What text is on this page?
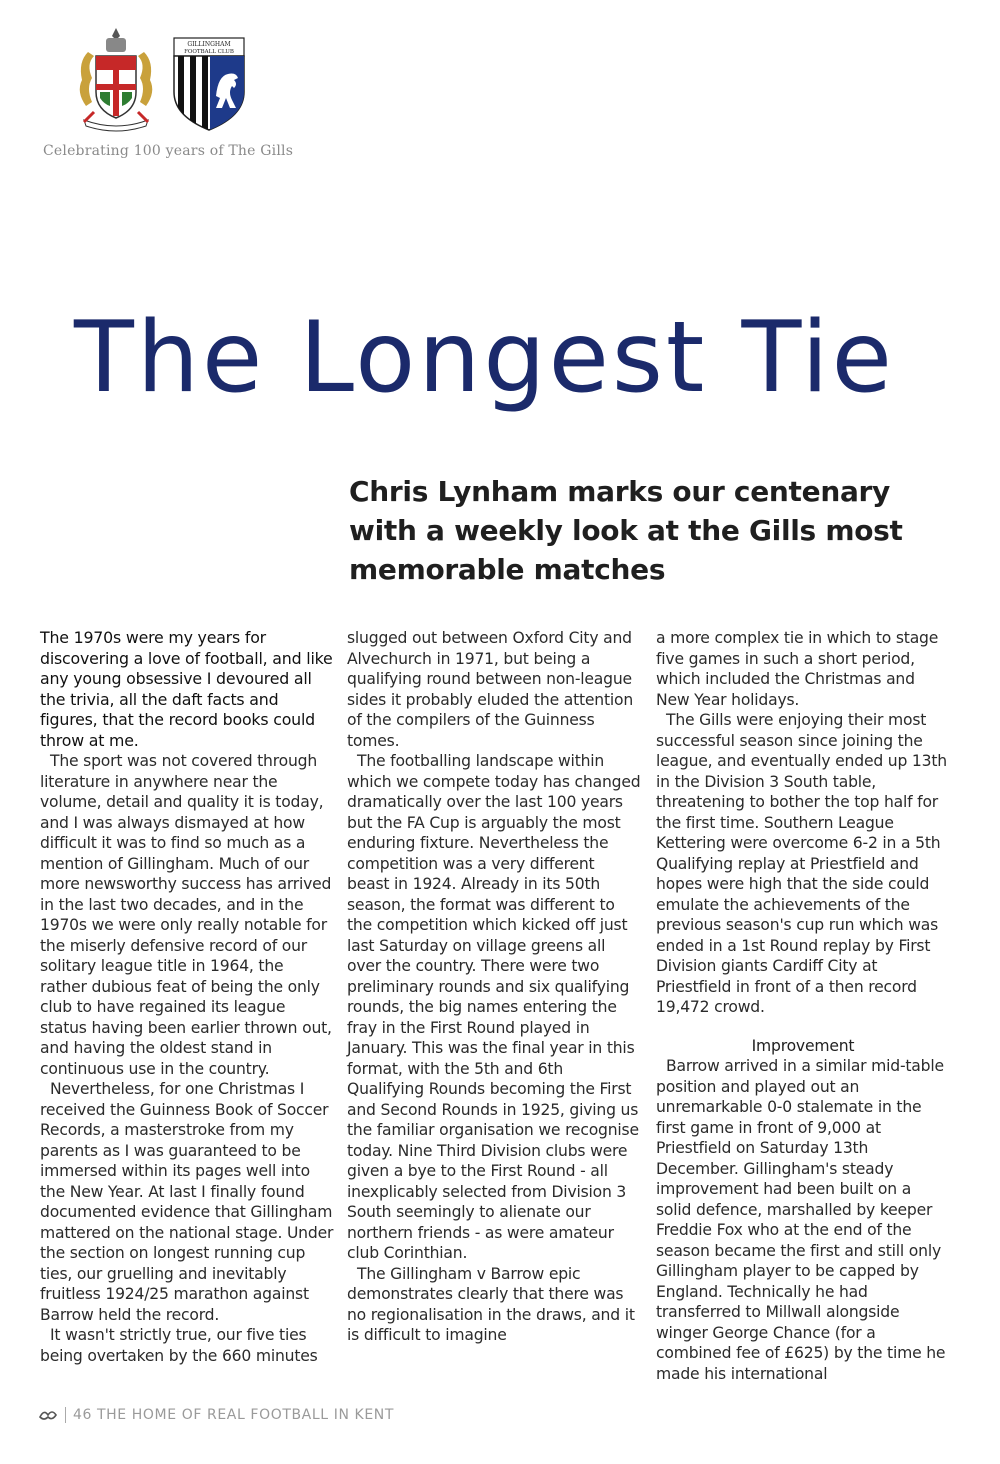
GILLINGHAM
FOOTBALL CLUB
Celebrating 100 years of The Gills
The Longest Tie
Chris Lynham marks our centenary with a weekly look at the Gills most memorable matches

The 1970s were my years for discovering a love of football, and like any young obsessive I devoured all the trivia, all the daft facts and figures, that the record books could throw at me.

The sport was not covered through literature in anywhere near the volume, detail and quality it is today, and I was always dismayed at how difficult it was to find so much as a mention of Gillingham. Much of our more newsworthy success has arrived in the last two decades, and in the 1970s we were only really notable for the miserly defensive record of our solitary league title in 1964, the rather dubious feat of being the only club to have regained its league status having been earlier thrown out, and having the oldest stand in continuous use in the country.

Nevertheless, for one Christmas I received the Guinness Book of Soccer Records, a masterstroke from my parents as I was guaranteed to be immersed within its pages well into the New Year. At last I finally found documented evidence that Gillingham mattered on the national stage. Under the section on longest running cup ties, our gruelling and inevitably fruitless 1924/25 marathon against Barrow held the record.

It wasn't strictly true, our five ties being overtaken by the 660 minutes

slugged out between Oxford City and Alvechurch in 1971, but being a qualifying round between non-league sides it probably eluded the attention of the compilers of the Guinness tomes.

The footballing landscape within which we compete today has changed dramatically over the last 100 years but the FA Cup is arguably the most enduring fixture. Nevertheless the competition was a very different beast in 1924. Already in its 50th season, the format was different to the competition which kicked off just last Saturday on village greens all over the country. There were two preliminary rounds and six qualifying rounds, the big names entering the fray in the First Round played in January. This was the final year in this format, with the 5th and 6th Qualifying Rounds becoming the First and Second Rounds in 1925, giving us the familiar organisation we recognise today. Nine Third Division clubs were given a bye to the First Round - all inexplicably selected from Division 3 South seemingly to alienate our northern friends - as were amateur club Corinthian.

The Gillingham v Barrow epic demonstrates clearly that there was no regionalisation in the draws, and it is difficult to imagine

a more complex tie in which to stage five games in such a short period, which included the Christmas and New Year holidays.

The Gills were enjoying their most successful season since joining the league, and eventually ended up 13th in the Division 3 South table, threatening to bother the top half for the first time. Southern League Kettering were overcome 6-2 in a 5th Qualifying replay at Priestfield and hopes were high that the side could emulate the achievements of the previous season's cup run which was ended in a 1st Round replay by First Division giants Cardiff City at Priestfield in front of a then record 19,472 crowd.

Improvement

Barrow arrived in a similar mid-table position and played out an unremarkable 0-0 stalemate in the first game in front of 9,000 at Priestfield on Saturday 13th December. Gillingham's steady improvement had been built on a solid defence, marshalled by keeper Freddie Fox who at the end of the season became the first and still only Gillingham player to be capped by England. Technically he had transferred to Millwall alongside winger George Chance (for a combined fee of £625) by the time he made his international

46 THE HOME OF REAL FOOTBALL IN KENT
